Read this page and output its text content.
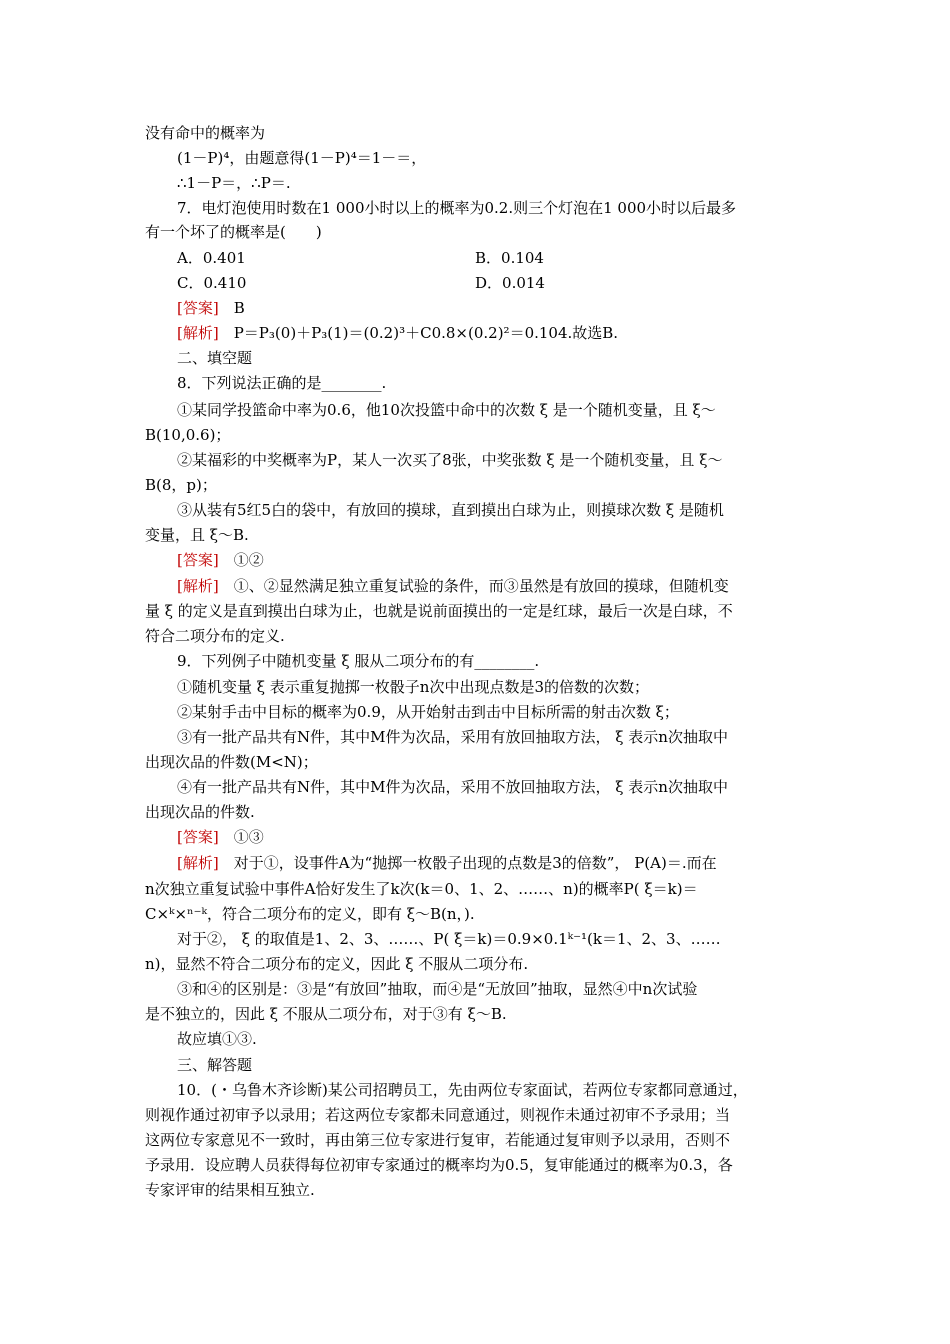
没有命中的概率为
(1－P)⁴，由题意得(1－P)⁴＝1－＝，
∴1－P＝，∴P＝.
7．电灯泡使用时数在1 000小时以上的概率为0.2.则三个灯泡在1 000小时以后最多
有一个坏了的概率是(　　)
A．0.401	B．0.104
C．0.410	D．0.014
[答案]　B
[解析]　P＝P₃(0)＋P₃(1)＝(0.2)³＋C0.8×(0.2)²＝0.104.故选B.
二、填空题
8．下列说法正确的是________.
①某同学投篮命中率为0.6，他10次投篮中命中的次数 ξ 是一个随机变量，且 ξ～
B(10,0.6)；
②某福彩的中奖概率为P，某人一次买了8张，中奖张数 ξ 是一个随机变量，且 ξ～
B(8，p)；
③从装有5红5白的袋中，有放回的摸球，直到摸出白球为止，则摸球次数 ξ 是随机
变量，且 ξ～B.
[答案]　①②
[解析]　①、②显然满足独立重复试验的条件，而③虽然是有放回的摸球，但随机变
量 ξ 的定义是直到摸出白球为止，也就是说前面摸出的一定是红球，最后一次是白球，不
符合二项分布的定义.
9．下列例子中随机变量 ξ 服从二项分布的有________.
①随机变量 ξ 表示重复抛掷一枚骰子n次中出现点数是3的倍数的次数；
②某射手击中目标的概率为0.9，从开始射击到击中目标所需的射击次数 ξ；
③有一批产品共有N件，其中M件为次品，采用有放回抽取方法， ξ 表示n次抽取中
出现次品的件数(M<N)；
④有一批产品共有N件，其中M件为次品，采用不放回抽取方法， ξ 表示n次抽取中
出现次品的件数.
[答案]　①③
[解析]　对于①，设事件A为“抛掷一枚骰子出现的点数是3的倍数”， P(A)＝.而在
n次独立重复试验中事件A恰好发生了k次(k＝0、1、2、……、n)的概率P( ξ＝k)＝
C×ᵏ×ⁿ⁻ᵏ，符合二项分布的定义，即有 ξ～B(n，).
对于②， ξ 的取值是1、2、3、……、P( ξ＝k)＝0.9×0.1ᵏ⁻¹(k＝1、2、3、……
n)，显然不符合二项分布的定义，因此 ξ 不服从二项分布.
③和④的区别是：③是“有放回”抽取，而④是“无放回”抽取，显然④中n次试验
是不独立的，因此 ξ 不服从二项分布，对于③有 ξ～B.
故应填①③.
三、解答题
10．(・乌鲁木齐诊断)某公司招聘员工，先由两位专家面试，若两位专家都同意通过，
则视作通过初审予以录用；若这两位专家都未同意通过，则视作未通过初审不予录用；当
这两位专家意见不一致时，再由第三位专家进行复审，若能通过复审则予以录用，否则不
予录用．设应聘人员获得每位初审专家通过的概率均为0.5，复审能通过的概率为0.3，各
专家评审的结果相互独立.
